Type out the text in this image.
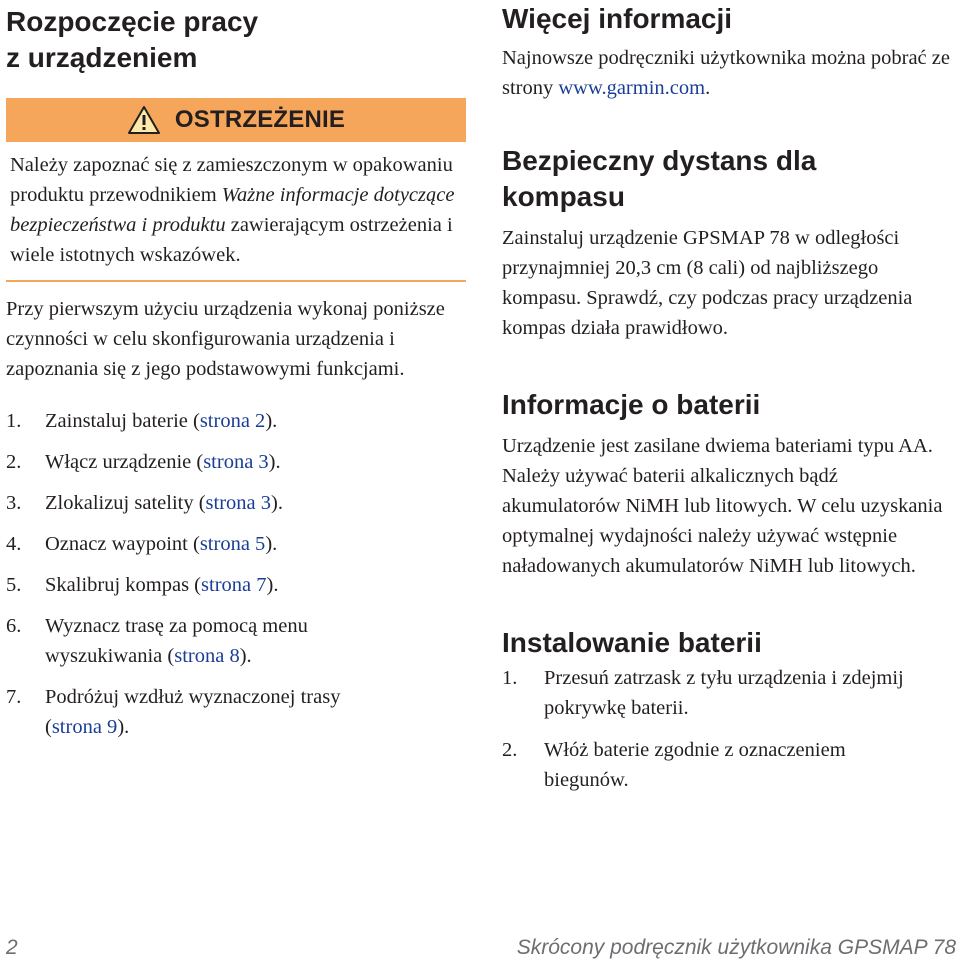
Rozpoczęcie pracy
z urządzeniem
OSTRZEŻENIE
Należy zapoznać się z zamieszczonym w opakowaniu produktu przewodnikiem Ważne informacje dotyczące bezpieczeństwa i produktu zawierającym ostrzeżenia i wiele istotnych wskazówek.

Przy pierwszym użyciu urządzenia wykonaj poniższe czynności w celu skonfigurowania urządzenia i zapoznania się z jego podstawowymi funkcjami.

1.	Zainstaluj baterie (strona 2).
2.	Włącz urządzenie (strona 3).
3.	Zlokalizuj satelity (strona 3).
4.	Oznacz waypoint (strona 5).
5.	Skalibruj kompas (strona 7).
6.	Wyznacz trasę za pomocą menu wyszukiwania (strona 8).
7.	Podróżuj wzdłuż wyznaczonej trasy (strona 9).
Więcej informacji

Najnowsze podręczniki użytkownika można pobrać ze strony www.garmin.com.

Bezpieczny dystans dla
kompasu

Zainstaluj urządzenie GPSMAP 78 w odległości przynajmniej 20,3 cm (8 cali) od najbliższego kompasu. Sprawdź, czy podczas pracy urządzenia kompas działa prawidłowo.

Informacje o baterii

Urządzenie jest zasilane dwiema bateriami typu AA. Należy używać baterii alkalicznych bądź akumulatorów NiMH lub litowych. W celu uzyskania optymalnej wydajności należy używać wstępnie naładowanych akumulatorów NiMH lub litowych.

Instalowanie baterii
1.	Przesuń zatrzask z tyłu urządzenia i zdejmij pokrywkę baterii.
2.	Włóż baterie zgodnie z oznaczeniem biegunów.
2	Skrócony podręcznik użytkownika GPSMAP 78
